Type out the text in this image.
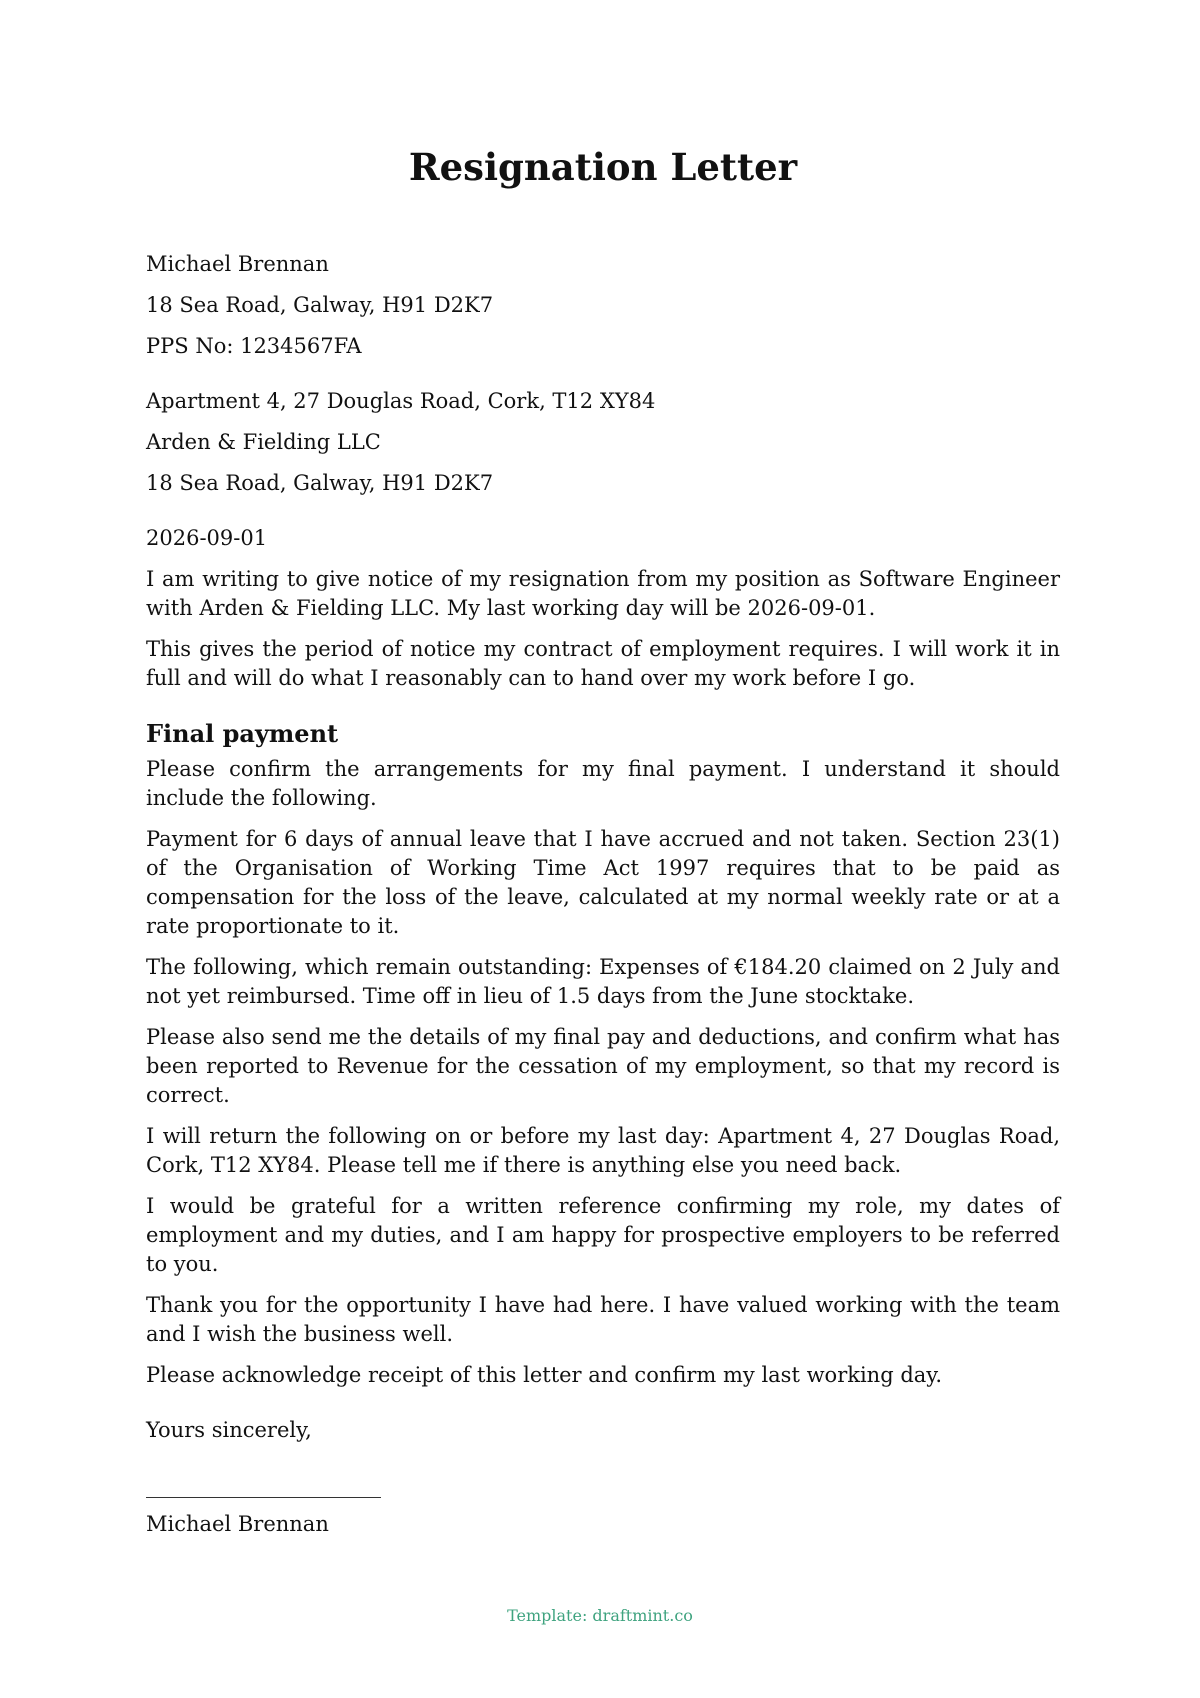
Resignation Letter

Michael Brennan

18 Sea Road, Galway, H91 D2K7

PPS No: 1234567FA

Apartment 4, 27 Douglas Road, Cork, T12 XY84

Arden & Fielding LLC

18 Sea Road, Galway, H91 D2K7

2026-09-01

I am writing to give notice of my resignation from my position as Software Engineer with Arden & Fielding LLC. My last working day will be 2026-09-01.

This gives the period of notice my contract of employment requires. I will work it in full and will do what I reasonably can to hand over my work before I go.

Final payment

Please confirm the arrangements for my final payment. I understand it should include the following.

Payment for 6 days of annual leave that I have accrued and not taken. Section 23(1) of the Organisation of Working Time Act 1997 requires that to be paid as compensation for the loss of the leave, calculated at my normal weekly rate or at a rate proportionate to it.

The following, which remain outstanding: Expenses of €184.20 claimed on 2 July and not yet reimbursed. Time off in lieu of 1.5 days from the June stocktake.

Please also send me the details of my final pay and deductions, and confirm what has been reported to Revenue for the cessation of my employment, so that my record is correct.

I will return the following on or before my last day: Apartment 4, 27 Douglas Road, Cork, T12 XY84. Please tell me if there is anything else you need back.

I would be grateful for a written reference confirming my role, my dates of employment and my duties, and I am happy for prospective employers to be referred to you.

Thank you for the opportunity I have had here. I have valued working with the team and I wish the business well.

Please acknowledge receipt of this letter and confirm my last working day.

Yours sincerely,

Michael Brennan

Template: draftmint.co
